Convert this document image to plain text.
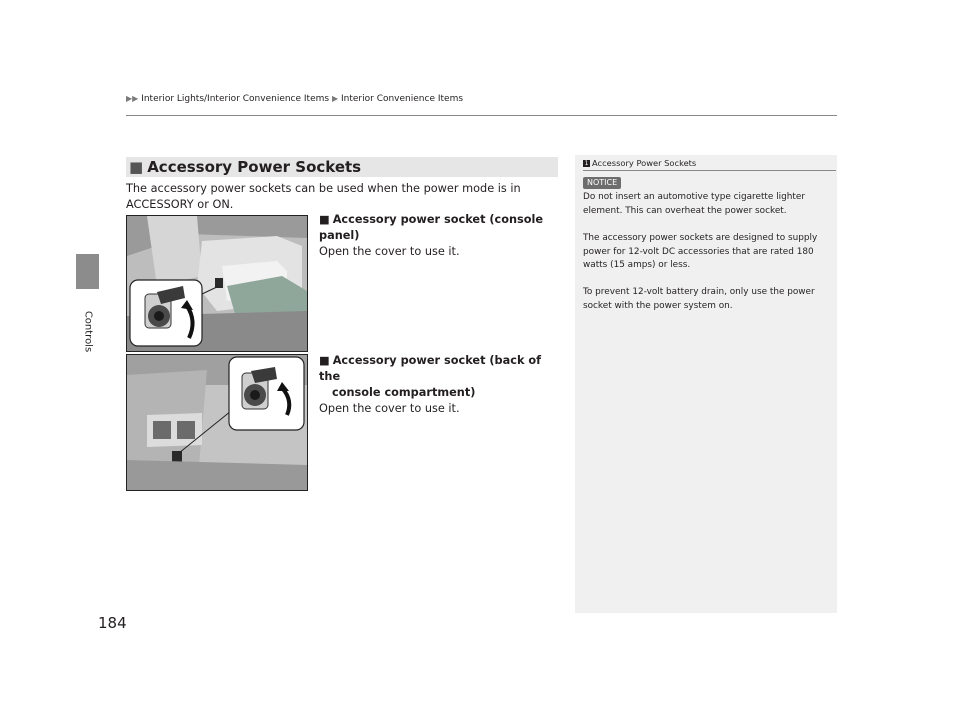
▶▶ Interior Lights/Interior Convenience Items ▶ Interior Convenience Items
Controls
■ Accessory Power Sockets
The accessory power sockets can be used when the power mode is in ACCESSORY or ON.
■ Accessory power socket (console panel)
Open the cover to use it.
■ Accessory power socket (back of the
console compartment)
Open the cover to use it.
1 Accessory Power Sockets
NOTICE
Do not insert an automotive type cigarette lighter element. This can overheat the power socket.
The accessory power sockets are designed to supply power for 12-volt DC accessories that are rated 180 watts (15 amps) or less.
To prevent 12-volt battery drain, only use the power socket with the power system on.
184
